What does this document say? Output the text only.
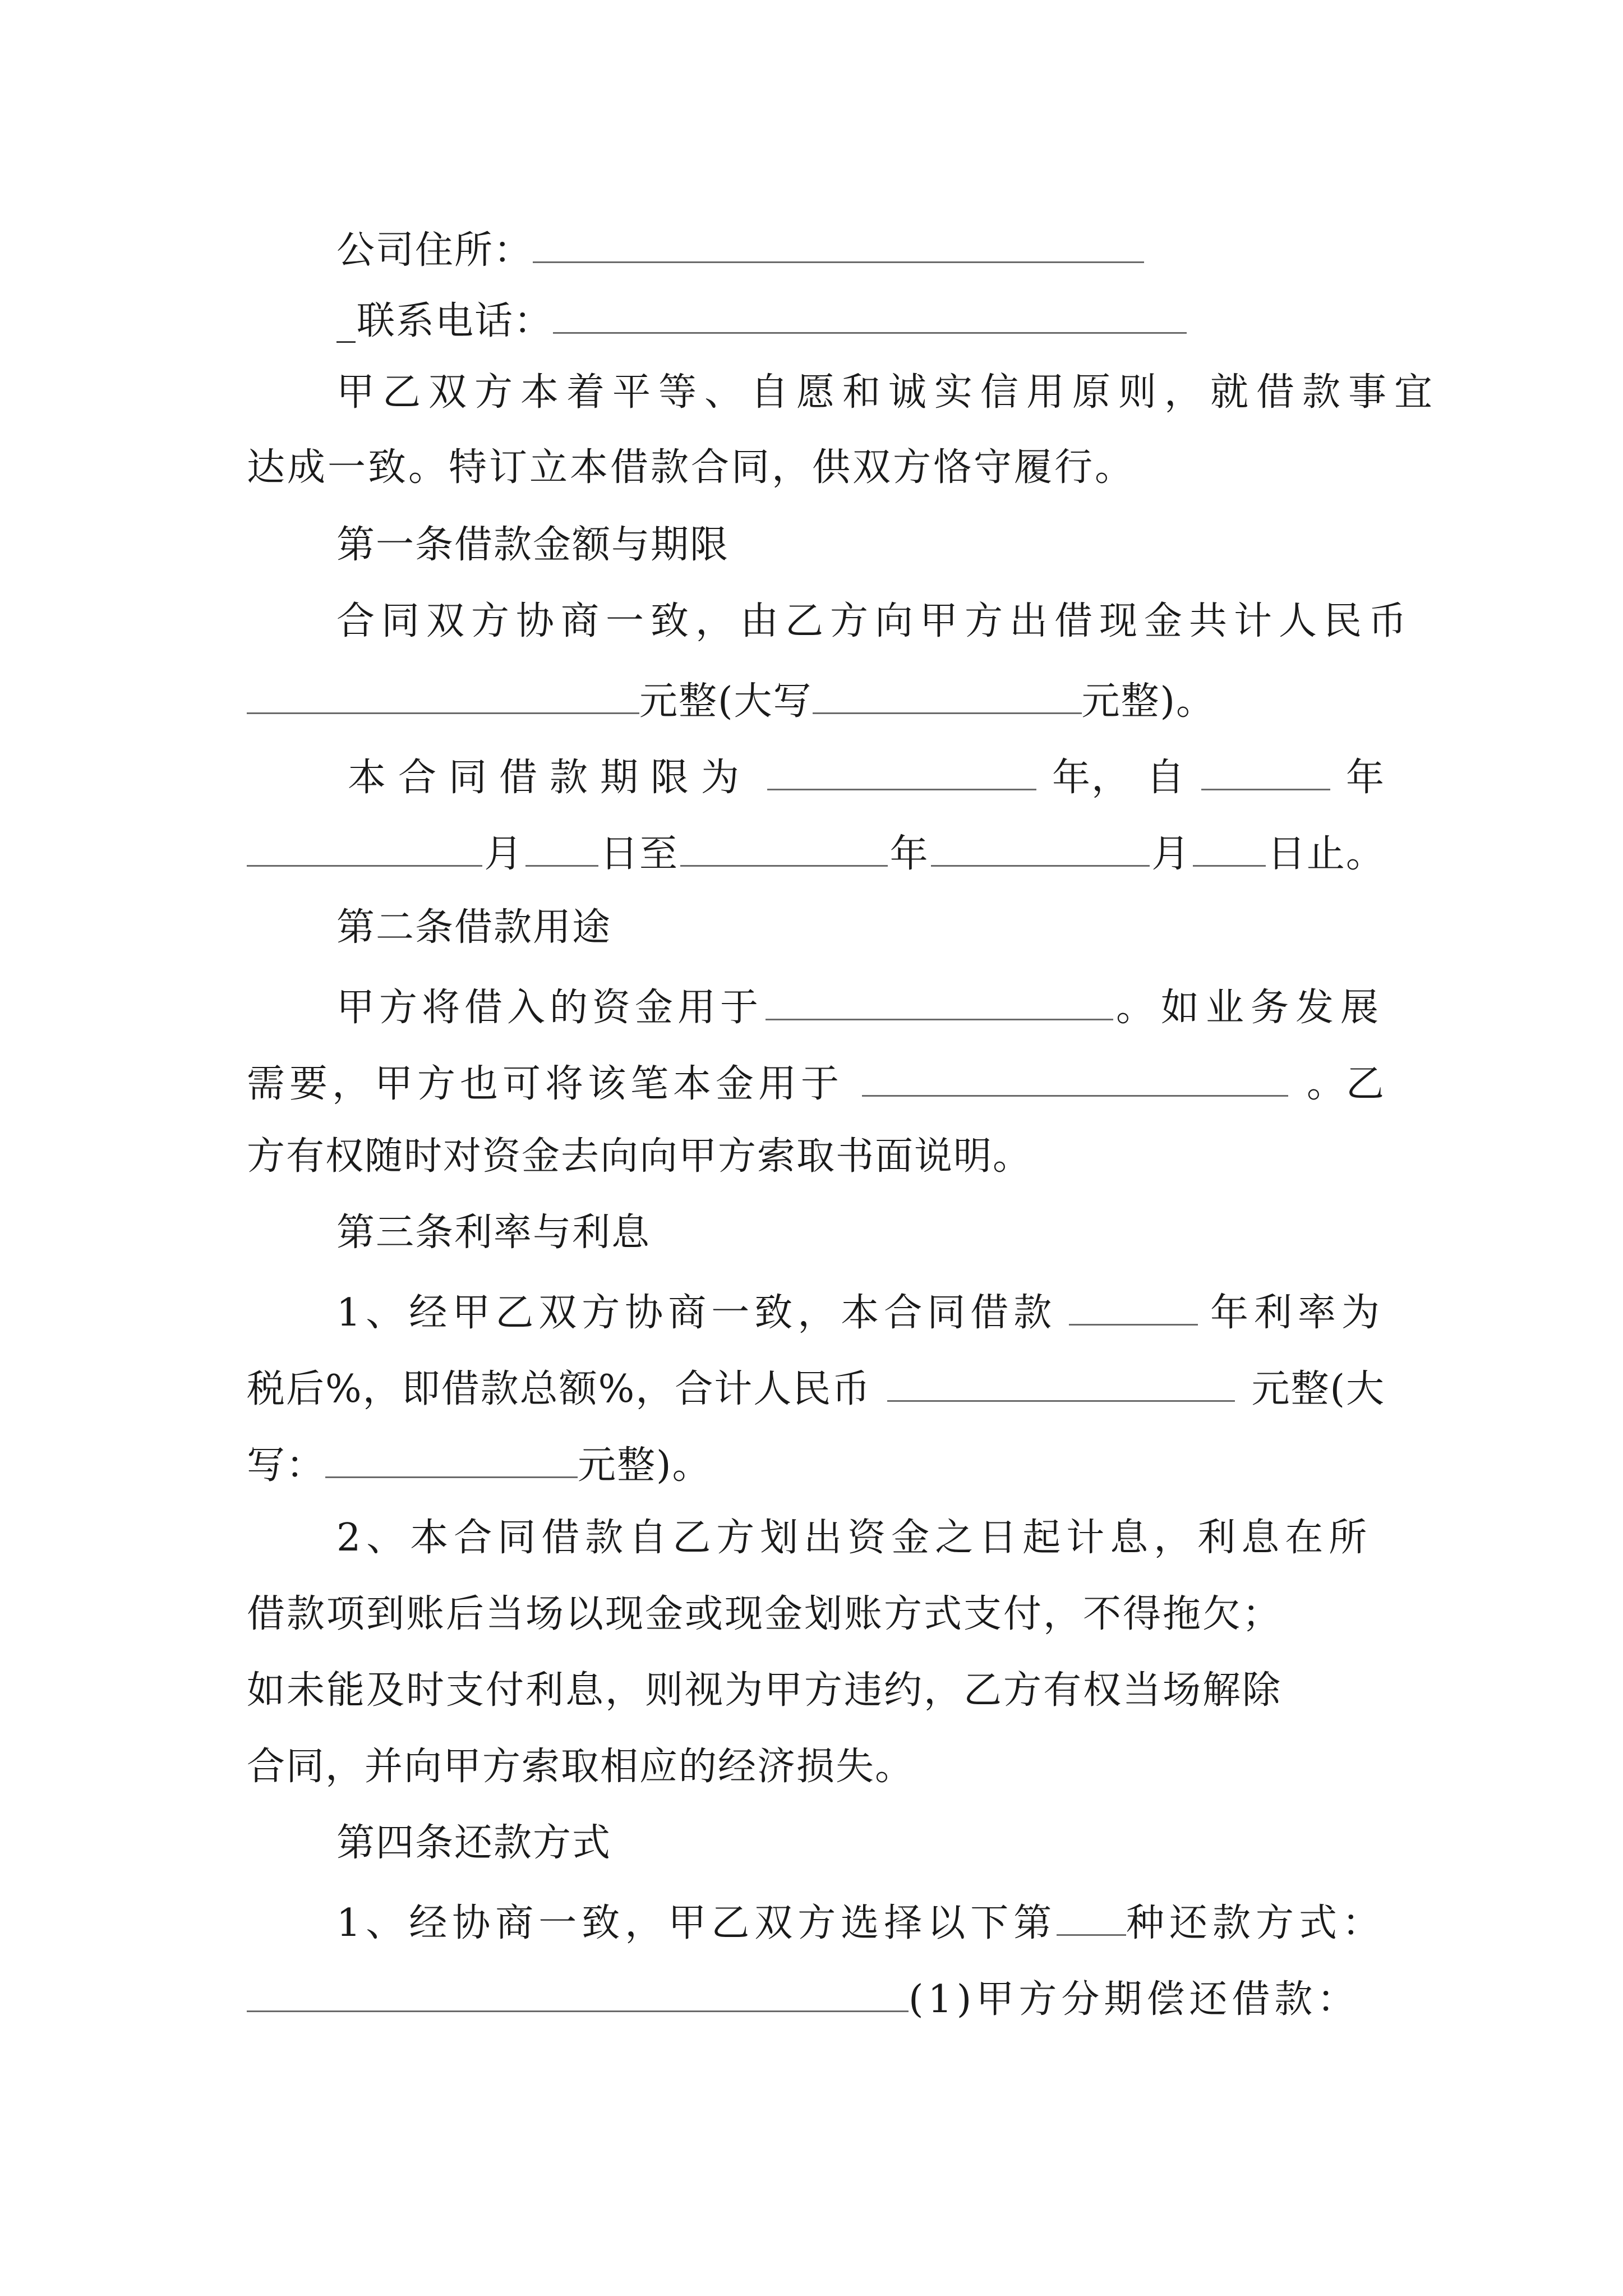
公司住所：
_联系电话：
甲乙双方本着平等、自愿和诚实信用原则，就借款事宜
达成一致。特订立本借款合同，供双方恪守履行。
第一条借款金额与期限
合同双方协商一致，由乙方向甲方出借现金共计人民币
元整(大写	元整)。
本合同借款期限为	年， 自	年
月 日至	年	月 日止。
第二条借款用途
甲方将借入的资金用于	。如业务发展
需要，甲方也可将该笔本金用于	。乙
方有权随时对资金去向向甲方索取书面说明。
第三条利率与利息
1、经甲乙双方协商一致，本合同借款	年利率为
税后%，即借款总额%，合计人民币	元整(大
写：	元整)。
2、本合同借款自乙方划出资金之日起计息，利息在所
借款项到账后当场以现金或现金划账方式支付，不得拖欠；
如未能及时支付利息，则视为甲方违约，乙方有权当场解除
合同，并向甲方索取相应的经济损失。
第四条还款方式
1、经协商一致，甲乙双方选择以下第 种还款方式：
(1)甲方分期偿还借款：
